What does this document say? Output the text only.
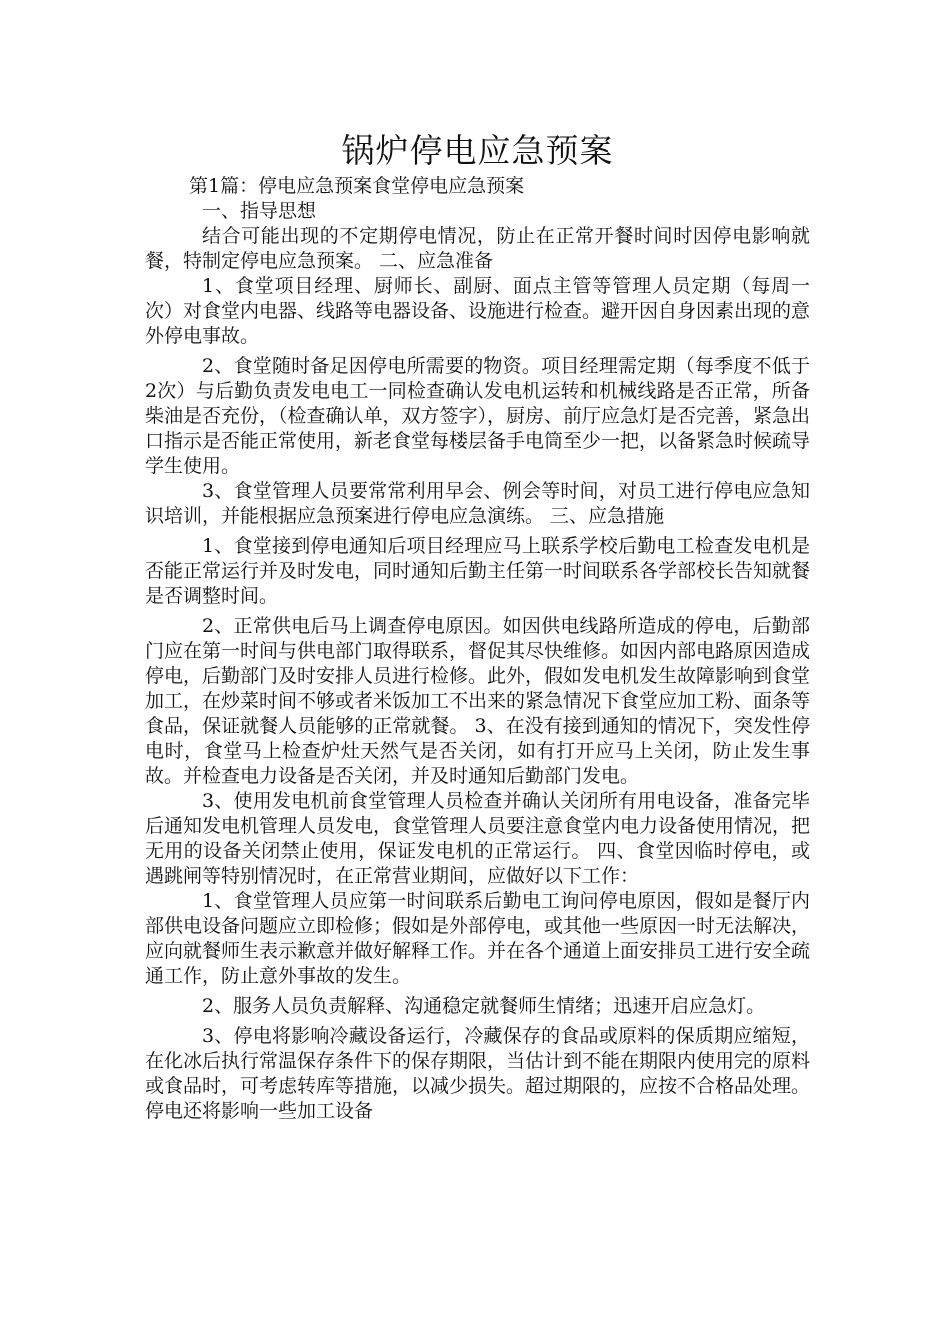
锅炉停电应急预案

第1篇：停电应急预案食堂停电应急预案

一、指导思想

结合可能出现的不定期停电情况，防止在正常开餐时间时因停电影响就餐，特制定停电应急预案。 二、应急准备

1、食堂项目经理、厨师长、副厨、面点主管等管理人员定期（每周一次）对食堂内电器、线路等电器设备、设施进行检查。避开因自身因素出现的意外停电事故。

2、食堂随时备足因停电所需要的物资。项目经理需定期（每季度不低于2次）与后勤负责发电电工一同检查确认发电机运转和机械线路是否正常，所备柴油是否充份，（检查确认单，双方签字），厨房、前厅应急灯是否完善，紧急出口指示是否能正常使用，新老食堂每楼层备手电筒至少一把，以备紧急时候疏导学生使用。

3、食堂管理人员要常常利用早会、例会等时间，对员工进行停电应急知识培训，并能根据应急预案进行停电应急演练。 三、应急措施

1、食堂接到停电通知后项目经理应马上联系学校后勤电工检查发电机是否能正常运行并及时发电，同时通知后勤主任第一时间联系各学部校长告知就餐是否调整时间。

2、正常供电后马上调查停电原因。如因供电线路所造成的停电，后勤部门应在第一时间与供电部门取得联系，督促其尽快维修。如因内部电路原因造成停电，后勤部门及时安排人员进行检修。此外，假如发电机发生故障影响到食堂加工，在炒菜时间不够或者米饭加工不出来的紧急情况下食堂应加工粉、面条等食品，保证就餐人员能够的正常就餐。 3、在没有接到通知的情况下，突发性停电时，食堂马上检查炉灶天然气是否关闭，如有打开应马上关闭，防止发生事故。并检查电力设备是否关闭，并及时通知后勤部门发电。

3、使用发电机前食堂管理人员检查并确认关闭所有用电设备，准备完毕后通知发电机管理人员发电，食堂管理人员要注意食堂内电力设备使用情况，把无用的设备关闭禁止使用，保证发电机的正常运行。 四、食堂因临时停电，或遇跳闸等特别情况时，在正常营业期间，应做好以下工作：

1、食堂管理人员应第一时间联系后勤电工询问停电原因，假如是餐厅内部供电设备问题应立即检修；假如是外部停电，或其他一些原因一时无法解决，应向就餐师生表示歉意并做好解释工作。并在各个通道上面安排员工进行安全疏通工作，防止意外事故的发生。

2、服务人员负责解释、沟通稳定就餐师生情绪；迅速开启应急灯。

3、停电将影响冷藏设备运行，冷藏保存的食品或原料的保质期应缩短，在化冰后执行常温保存条件下的保存期限，当估计到不能在期限内使用完的原料或食品时，可考虑转库等措施，以减少损失。超过期限的，应按不合格品处理。停电还将影响一些加工设备
